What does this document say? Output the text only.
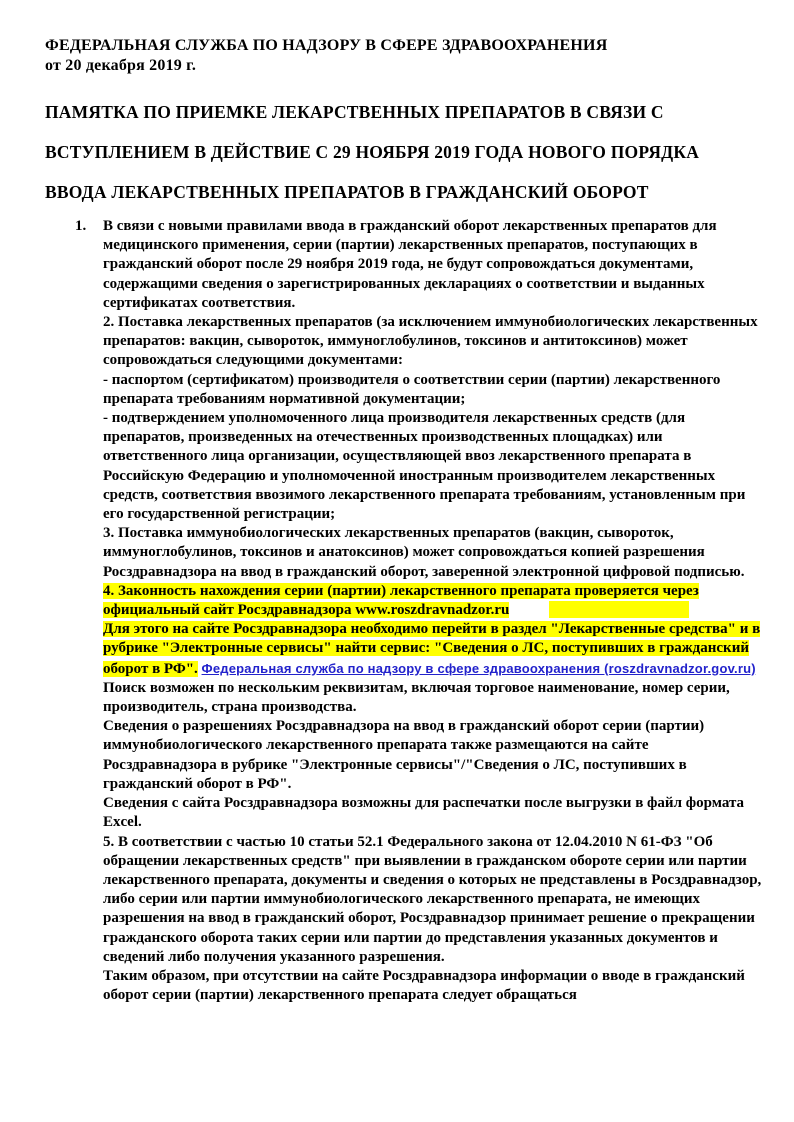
ФЕДЕРАЛЬНАЯ СЛУЖБА ПО НАДЗОРУ В СФЕРЕ ЗДРАВООХРАНЕНИЯ
от 20 декабря 2019 г.
ПАМЯТКА ПО ПРИЕМКЕ ЛЕКАРСТВЕННЫХ ПРЕПАРАТОВ В СВЯЗИ С
ВСТУПЛЕНИЕМ В ДЕЙСТВИЕ С 29 НОЯБРЯ 2019 ГОДА НОВОГО ПОРЯДКА
ВВОДА ЛЕКАРСТВЕННЫХ ПРЕПАРАТОВ В ГРАЖДАНСКИЙ ОБОРОТ
1. В связи с новыми правилами ввода в гражданский оборот лекарственных препаратов для медицинского применения, серии (партии) лекарственных препаратов, поступающих в гражданский оборот после 29 ноября 2019 года, не будут сопровождаться документами, содержащими сведения о зарегистрированных декларациях о соответствии и выданных сертификатах соответствия.

2. Поставка лекарственных препаратов (за исключением иммунобиологических лекарственных препаратов: вакцин, сывороток, иммуноглобулинов, токсинов и антитоксинов) может сопровождаться следующими документами:

- паспортом (сертификатом) производителя о соответствии серии (партии) лекарственного препарата требованиям нормативной документации;

- подтверждением уполномоченного лица производителя лекарственных средств (для препаратов, произведенных на отечественных производственных площадках) или ответственного лица организации, осуществляющей ввоз лекарственного препарата в Российскую Федерацию и уполномоченной иностранным производителем лекарственных средств, соответствия ввозимого лекарственного препарата требованиям, установленным при его государственной регистрации;

3. Поставка иммунобиологических лекарственных препаратов (вакцин, сывороток, иммуноглобулинов, токсинов и анатоксинов) может сопровождаться копией разрешения Росздравнадзора на ввод в гражданский оборот, заверенной электронной цифровой подписью.

4. Законность нахождения серии (партии) лекарственного препарата проверяется через официальный сайт Росздравнадзора www.roszdravnadzor.ru

Для этого на сайте Росздравнадзора необходимо перейти в раздел "Лекарственные средства" и в рубрике "Электронные сервисы" найти сервис: "Сведения о ЛС, поступивших в гражданский оборот в РФ". Федеральная служба по надзору в сфере здравоохранения (roszdravnadzor.gov.ru)

Поиск возможен по нескольким реквизитам, включая торговое наименование, номер серии, производитель, страна производства.

Сведения о разрешениях Росздравнадзора на ввод в гражданский оборот серии (партии) иммунобиологического лекарственного препарата также размещаются на сайте Росздравнадзора в рубрике "Электронные сервисы"/"Сведения о ЛС, поступивших в гражданский оборот в РФ".

Сведения с сайта Росздравнадзора возможны для распечатки после выгрузки в файл формата Excel.

5. В соответствии с частью 10 статьи 52.1 Федерального закона от 12.04.2010 N 61-ФЗ "Об обращении лекарственных средств" при выявлении в гражданском обороте серии или партии лекарственного препарата, документы и сведения о которых не представлены в Росздравнадзор, либо серии или партии иммунобиологического лекарственного препарата, не имеющих разрешения на ввод в гражданский оборот, Росздравнадзор принимает решение о прекращении гражданского оборота таких серии или партии до представления указанных документов и сведений либо получения указанного разрешения.

Таким образом, при отсутствии на сайте Росздравнадзора информации о вводе в гражданский оборот серии (партии) лекарственного препарата следует обращаться
